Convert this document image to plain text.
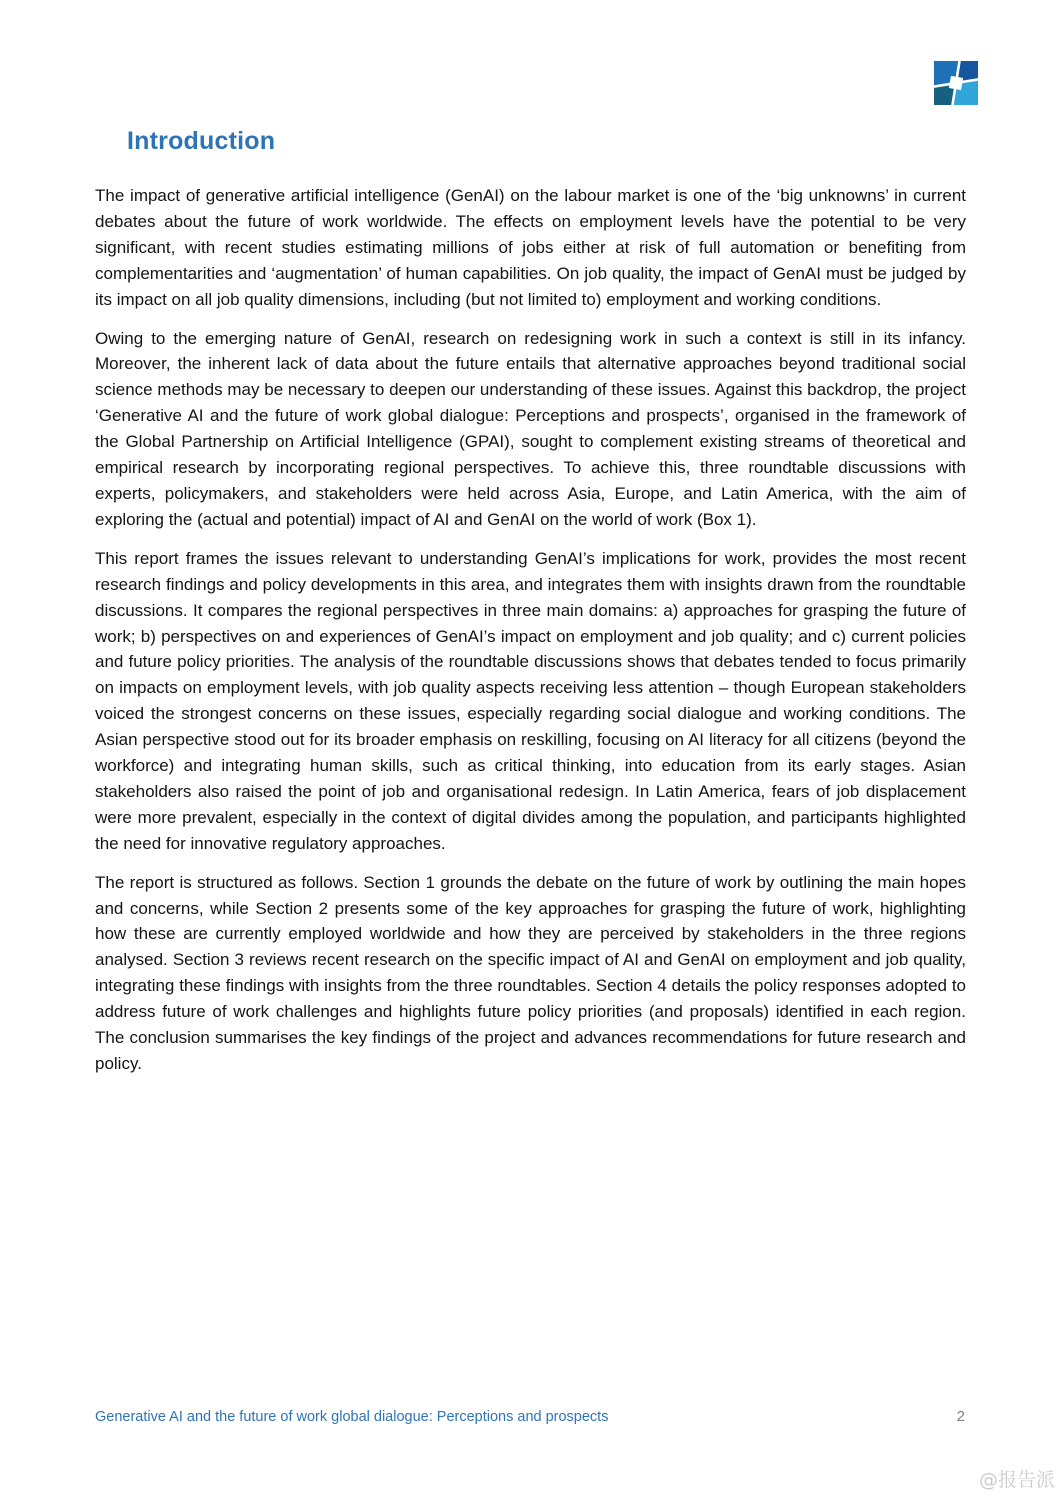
Introduction

The impact of generative artificial intelligence (GenAI) on the labour market is one of the ‘big unknowns’ in current debates about the future of work worldwide. The effects on employment levels have the potential to be very significant, with recent studies estimating millions of jobs either at risk of full automation or benefiting from complementarities and ‘augmentation’ of human capabilities. On job quality, the impact of GenAI must be judged by its impact on all job quality dimensions, including (but not limited to) employment and working conditions.

Owing to the emerging nature of GenAI, research on redesigning work in such a context is still in its infancy. Moreover, the inherent lack of data about the future entails that alternative approaches beyond traditional social science methods may be necessary to deepen our understanding of these issues. Against this backdrop, the project ‘Generative AI and the future of work global dialogue: Perceptions and prospects’, organised in the framework of the Global Partnership on Artificial Intelligence (GPAI), sought to complement existing streams of theoretical and empirical research by incorporating regional perspectives. To achieve this, three roundtable discussions with experts, policymakers, and stakeholders were held across Asia, Europe, and Latin America, with the aim of exploring the (actual and potential) impact of AI and GenAI on the world of work (Box 1).

This report frames the issues relevant to understanding GenAI’s implications for work, provides the most recent research findings and policy developments in this area, and integrates them with insights drawn from the roundtable discussions. It compares the regional perspectives in three main domains: a) approaches for grasping the future of work; b) perspectives on and experiences of GenAI’s impact on employment and job quality; and c) current policies and future policy priorities. The analysis of the roundtable discussions shows that debates tended to focus primarily on impacts on employment levels, with job quality aspects receiving less attention – though European stakeholders voiced the strongest concerns on these issues, especially regarding social dialogue and working conditions. The Asian perspective stood out for its broader emphasis on reskilling, focusing on AI literacy for all citizens (beyond the workforce) and integrating human skills, such as critical thinking, into education from its early stages. Asian stakeholders also raised the point of job and organisational redesign. In Latin America, fears of job displacement were more prevalent, especially in the context of digital divides among the population, and participants highlighted the need for innovative regulatory approaches.

The report is structured as follows. Section 1 grounds the debate on the future of work by outlining the main hopes and concerns, while Section 2 presents some of the key approaches for grasping the future of work, highlighting how these are currently employed worldwide and how they are perceived by stakeholders in the three regions analysed. Section 3 reviews recent research on the specific impact of AI and GenAI on employment and job quality, integrating these findings with insights from the three roundtables. Section 4 details the policy responses adopted to address future of work challenges and highlights future policy priorities (and proposals) identified in each region. The conclusion summarises the key findings of the project and advances recommendations for future research and policy.

Generative AI and the future of work global dialogue: Perceptions and prospects	2
@报告派
